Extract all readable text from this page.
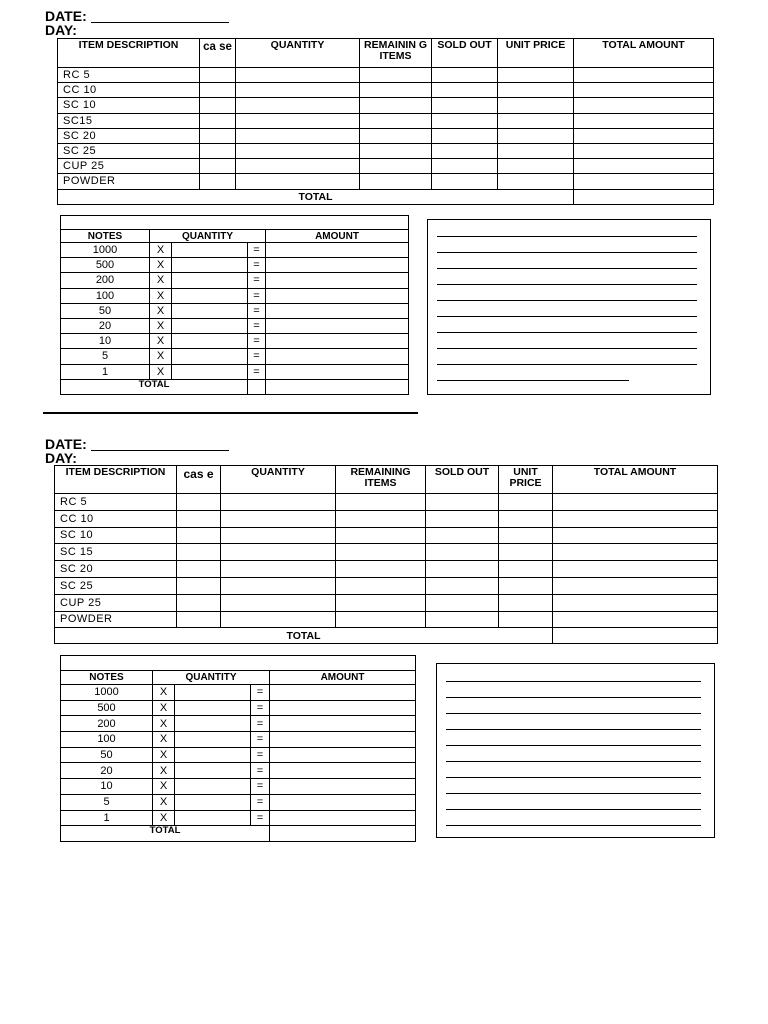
DATE:
DAY:
ITEM DESCRIPTION	ca se	QUANTITY	REMAININ G ITEMS	SOLD OUT	UNIT PRICE	TOTAL AMOUNT
RC 5						
CC 10						
SC 10						
SC15						
SC 20						
SC 25						
CUP 25						
POWDER						
TOTAL						

NOTES	QUANTITY			AMOUNT
1000	X		=	
500	X		=	
200	X		=	
100	X		=	
50	X		=	
20	X		=	
10	X		=	
5	X		=	
1	X		=	
TOTAL				
DATE:
DAY:
ITEM DESCRIPTION	cas e	QUANTITY	REMAINING ITEMS	SOLD OUT	UNIT PRICE	TOTAL AMOUNT
RC 5						
CC 10						
SC 10						
SC 15						
SC 20						
SC 25						
CUP 25						
POWDER						
TOTAL						

NOTES	QUANTITY			AMOUNT
1000	X		=	
500	X		=	
200	X		=	
100	X		=	
50	X		=	
20	X		=	
10	X		=	
5	X		=	
1	X		=	
TOTAL				
